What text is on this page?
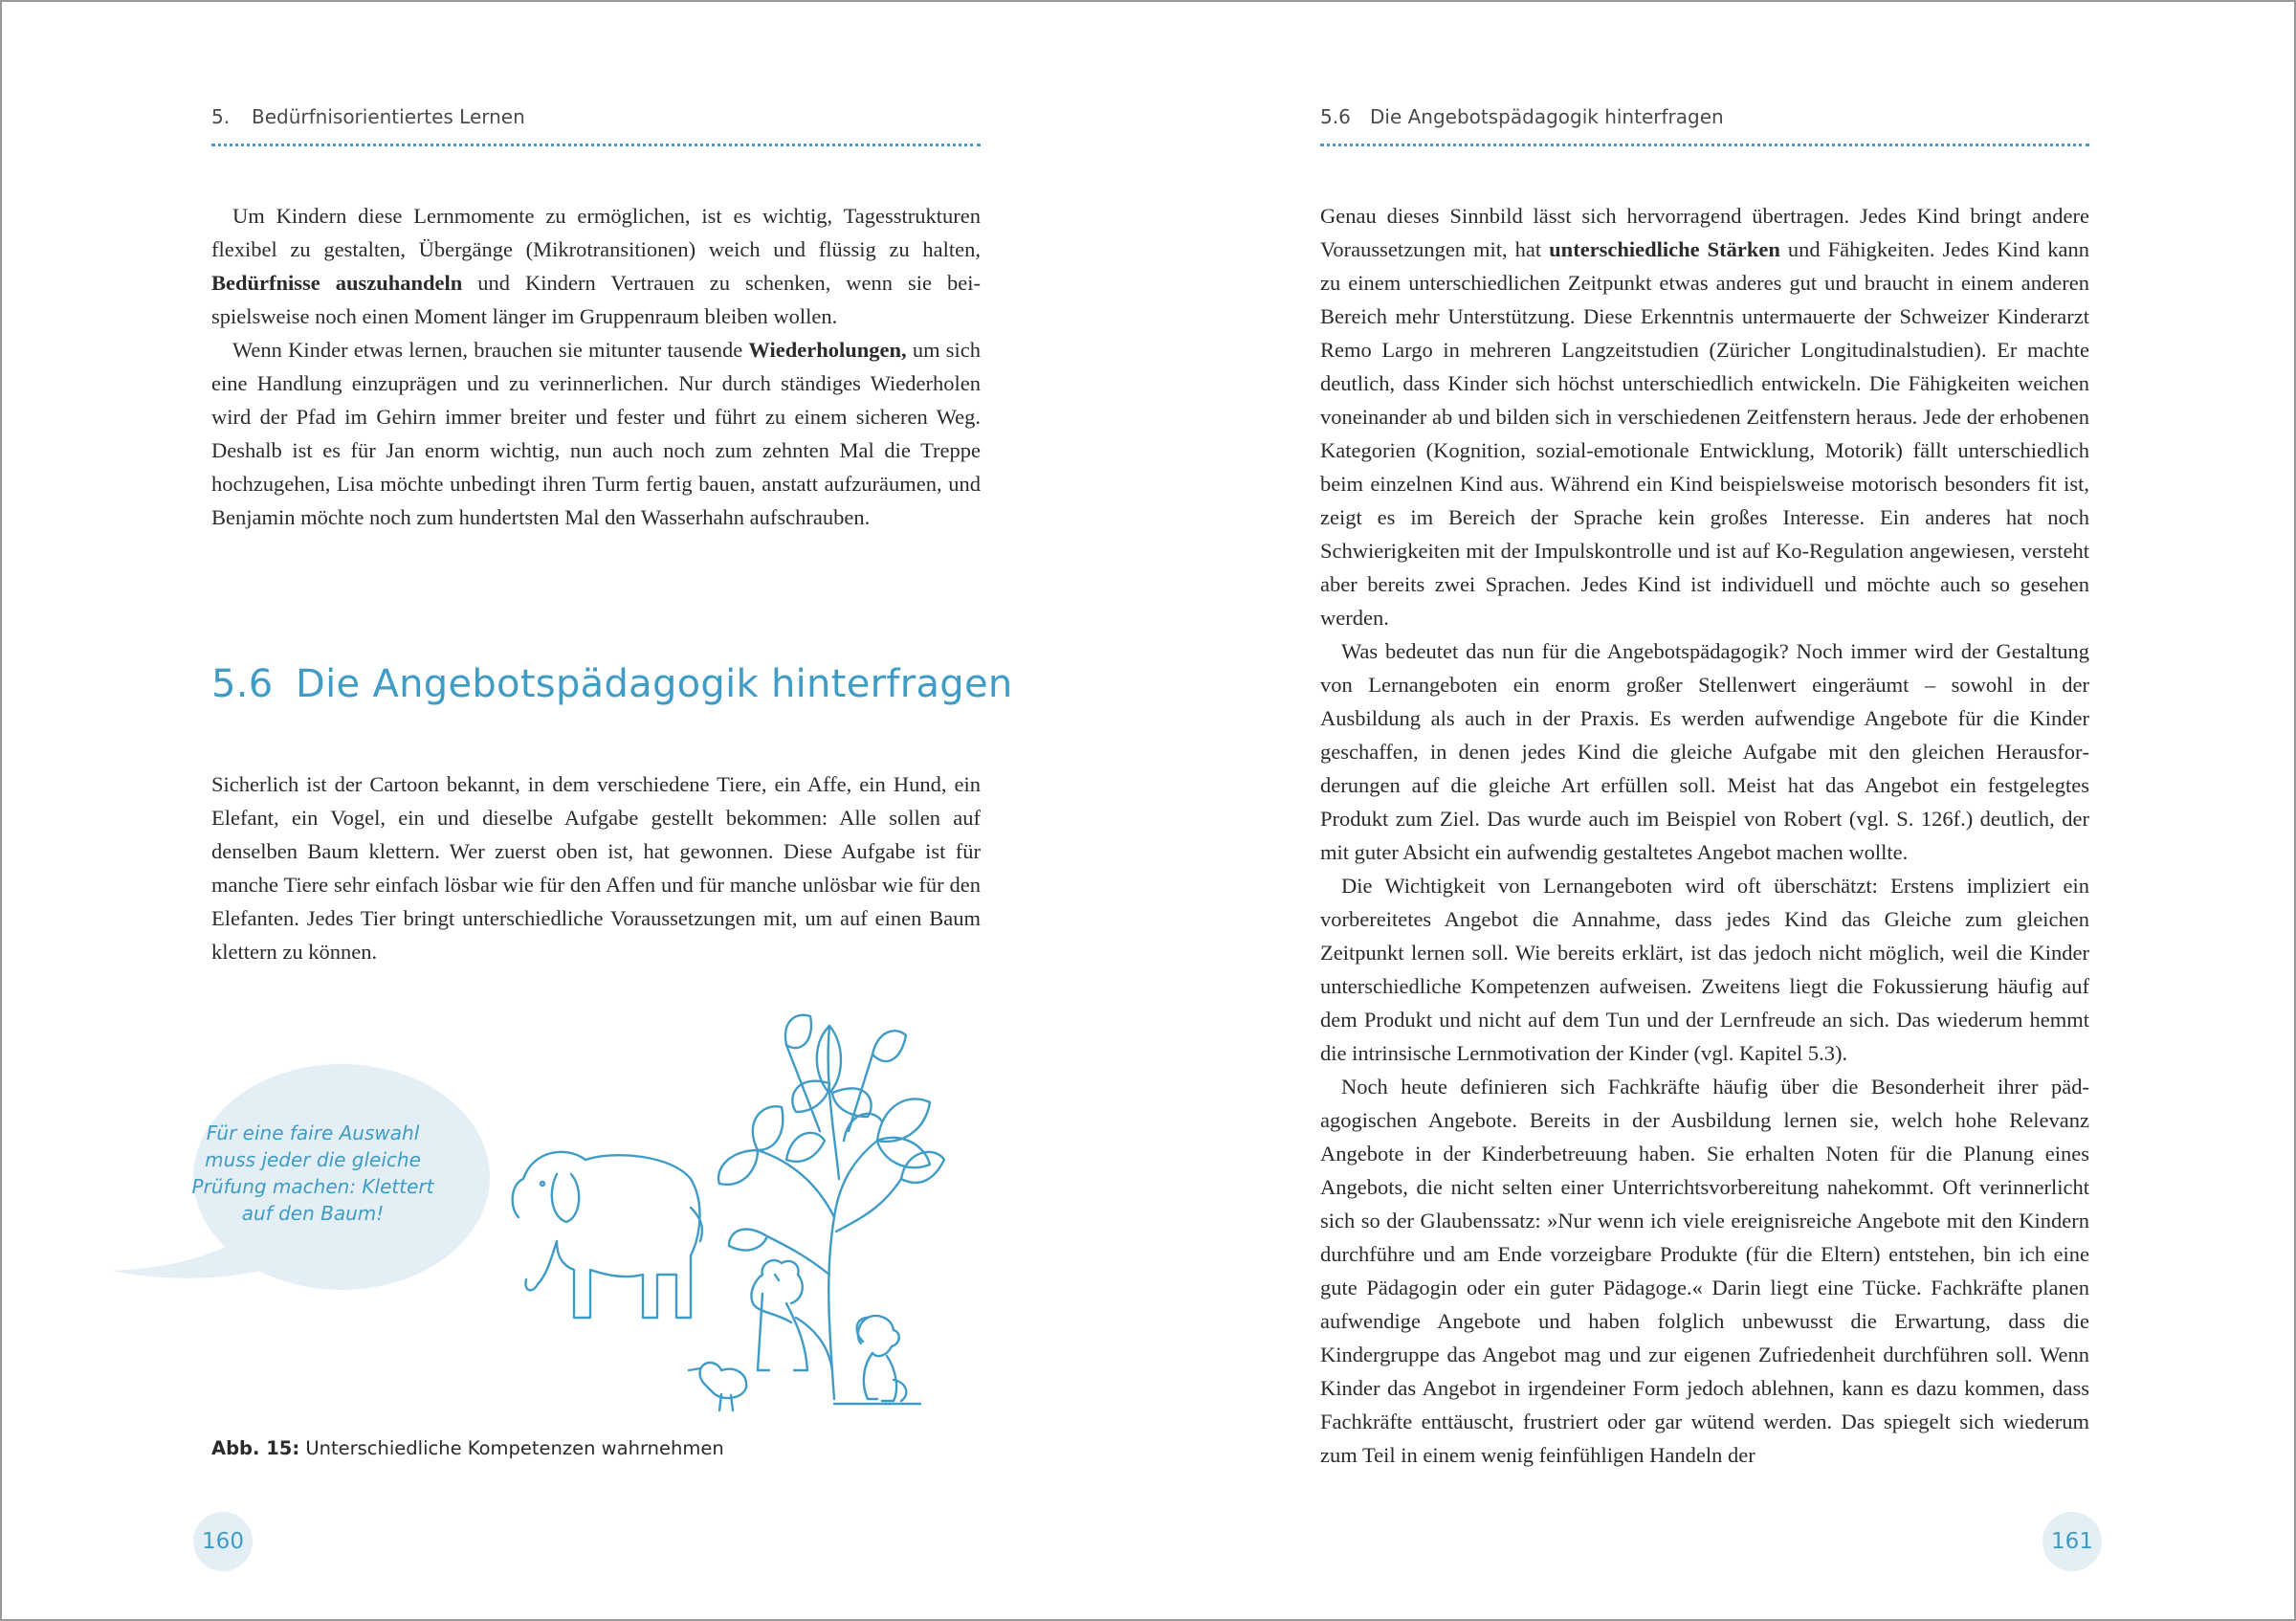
5. Bedürfnisorientiertes Lernen

Um Kindern diese Lernmomente zu ermöglichen, ist es wichtig, Tagesstrukturen flexibel zu gestalten, Übergänge (Mikrotransitionen) weich und flüssig zu halten, Bedürfnisse auszuhandeln und Kindern Vertrauen zu schenken, wenn sie beispielsweise noch einen Moment länger im Gruppenraum bleiben wollen.

Wenn Kinder etwas lernen, brauchen sie mitunter tausende Wiederholungen, um sich eine Handlung einzuprägen und zu verinnerlichen. Nur durch ständiges Wiederholen wird der Pfad im Gehirn immer breiter und fester und führt zu einem sicheren Weg. Deshalb ist es für Jan enorm wichtig, nun auch noch zum zehnten Mal die Treppe hochzugehen, Lisa möchte unbedingt ihren Turm fertig bauen, anstatt aufzuräumen, und Benjamin möchte noch zum hundertsten Mal den Wasserhahn aufschrauben.

5.6 Die Angebotspädagogik hinterfragen

Sicherlich ist der Cartoon bekannt, in dem verschiedene Tiere, ein Affe, ein Hund, ein Elefant, ein Vogel, ein und dieselbe Aufgabe gestellt bekommen: Alle sollen auf denselben Baum klettern. Wer zuerst oben ist, hat gewonnen. Diese Aufgabe ist für manche Tiere sehr einfach lösbar wie für den Affen und für manche unlösbar wie für den Elefanten. Jedes Tier bringt unterschiedliche Voraussetzungen mit, um auf einen Baum klettern zu können.

Für eine faire Auswahl muss jeder die gleiche Prüfung machen: Klettert auf den Baum!
Abb. 15: Unterschiedliche Kompetenzen wahrnehmen
160
5.6 Die Angebotspädagogik hinterfragen

Genau dieses Sinnbild lässt sich hervorragend übertragen. Jedes Kind bringt andere Voraussetzungen mit, hat unterschiedliche Stärken und Fähigkeiten. Jedes Kind kann zu einem unterschiedlichen Zeitpunkt etwas anderes gut und braucht in einem anderen Bereich mehr Unterstützung. Diese Erkenntnis untermauerte der Schweizer Kinderarzt Remo Largo in mehreren Langzeitstudien (Züricher Longitudinalstudien). Er machte deutlich, dass Kinder sich höchst unterschiedlich entwickeln. Die Fähigkeiten weichen voneinander ab und bilden sich in verschiedenen Zeitfenstern heraus. Jede der erhobenen Kategorien (Kognition, sozial-emotionale Entwicklung, Motorik) fällt unterschiedlich beim einzelnen Kind aus. Während ein Kind beispielsweise motorisch besonders fit ist, zeigt es im Bereich der Sprache kein großes Interesse. Ein anderes hat noch Schwierigkeiten mit der Impulskontrolle und ist auf Ko-Regulation angewiesen, versteht aber bereits zwei Sprachen. Jedes Kind ist individuell und möchte auch so gesehen werden.

Was bedeutet das nun für die Angebotspädagogik? Noch immer wird der Gestaltung von Lernangeboten ein enorm großer Stellenwert eingeräumt – sowohl in der Ausbildung als auch in der Praxis. Es werden aufwendige Angebote für die Kinder geschaffen, in denen jedes Kind die gleiche Aufgabe mit den gleichen Herausforderungen auf die gleiche Art erfüllen soll. Meist hat das Angebot ein festgelegtes Produkt zum Ziel. Das wurde auch im Beispiel von Robert (vgl. S. 126f.) deutlich, der mit guter Absicht ein aufwendig gestaltetes Angebot machen wollte.

Die Wichtigkeit von Lernangeboten wird oft überschätzt: Erstens impliziert ein vorbereitetes Angebot die Annahme, dass jedes Kind das Gleiche zum gleichen Zeitpunkt lernen soll. Wie bereits erklärt, ist das jedoch nicht möglich, weil die Kinder unterschiedliche Kompetenzen aufweisen. Zweitens liegt die Fokussierung häufig auf dem Produkt und nicht auf dem Tun und der Lernfreude an sich. Das wiederum hemmt die intrinsische Lernmotivation der Kinder (vgl. Kapitel 5.3).

Noch heute definieren sich Fachkräfte häufig über die Besonderheit ihrer pädagogischen Angebote. Bereits in der Ausbildung lernen sie, welch hohe Relevanz Angebote in der Kinderbetreuung haben. Sie erhalten Noten für die Planung eines Angebots, die nicht selten einer Unterrichtsvorbereitung nahekommt. Oft verinnerlicht sich so der Glaubenssatz: »Nur wenn ich viele ereignisreiche Angebote mit den Kindern durchführe und am Ende vorzeigbare Produkte (für die Eltern) entstehen, bin ich eine gute Pädagogin oder ein guter Pädagoge.« Darin liegt eine Tücke. Fachkräfte planen aufwendige Angebote und haben folglich unbewusst die Erwartung, dass die Kindergruppe das Angebot mag und zur eigenen Zufriedenheit durchführen soll. Wenn Kinder das Angebot in irgendeiner Form jedoch ablehnen, kann es dazu kommen, dass Fachkräfte enttäuscht, frustriert oder gar wütend werden. Das spiegelt sich wiederum zum Teil in einem wenig feinfühligen Handeln der

161
